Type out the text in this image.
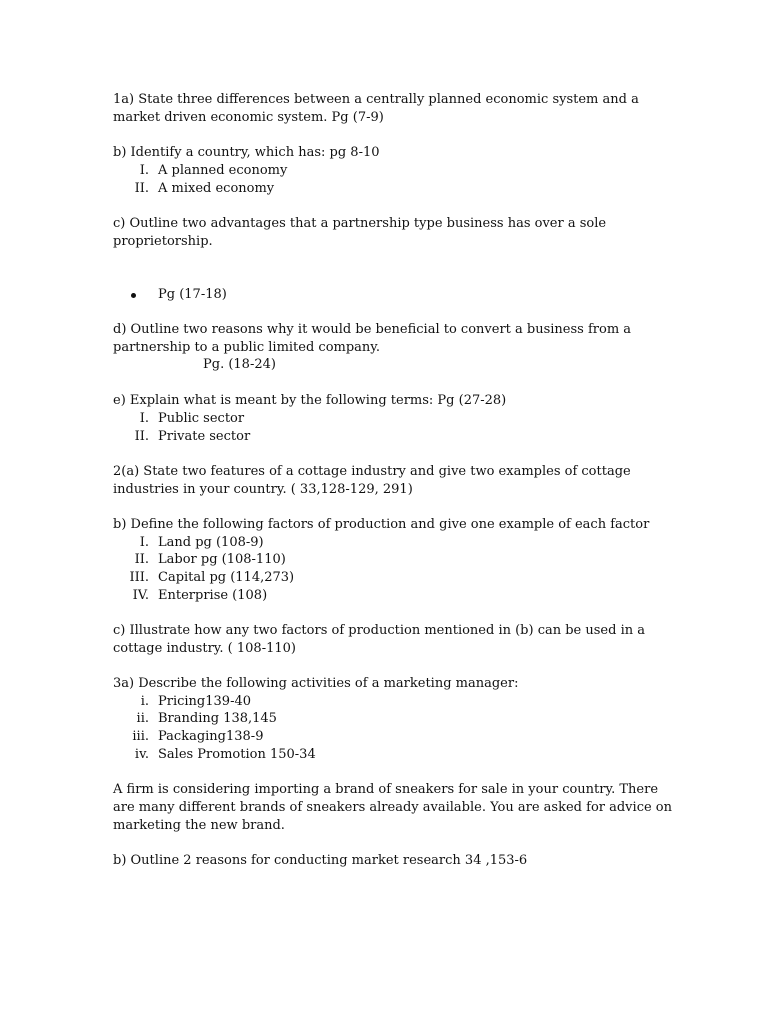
1a) State three differences between a centrally planned economic system and a
market driven economic system. Pg (7-9)
b) Identify a country, which has: pg 8-10
I. A planned economy
II. A mixed economy
c) Outline two advantages that a partnership type business has over a sole
proprietorship.
Pg (17-18)
d) Outline two reasons why it would be beneficial to convert a business from a
partnership to a public limited company.
Pg. (18-24)
e) Explain what is meant by the following terms: Pg (27-28)
I. Public sector
II. Private sector
2(a) State two features of a cottage industry and give two examples of cottage
industries in your country. ( 33,128-129, 291)
b) Define the following factors of production and give one example of each factor
I. Land pg (108-9)
II. Labor pg (108-110)
III. Capital pg (114,273)
IV. Enterprise (108)
c) Illustrate how any two factors of production mentioned in (b) can be used in a
cottage industry. ( 108-110)
3a) Describe the following activities of a marketing manager:
i. Pricing139-40
ii. Branding 138,145
iii. Packaging138-9
iv. Sales Promotion 150-34
A firm is considering importing a brand of sneakers for sale in your country. There
are many different brands of sneakers already available. You are asked for advice on
marketing the new brand.
b) Outline 2 reasons for conducting market research 34 ,153-6
